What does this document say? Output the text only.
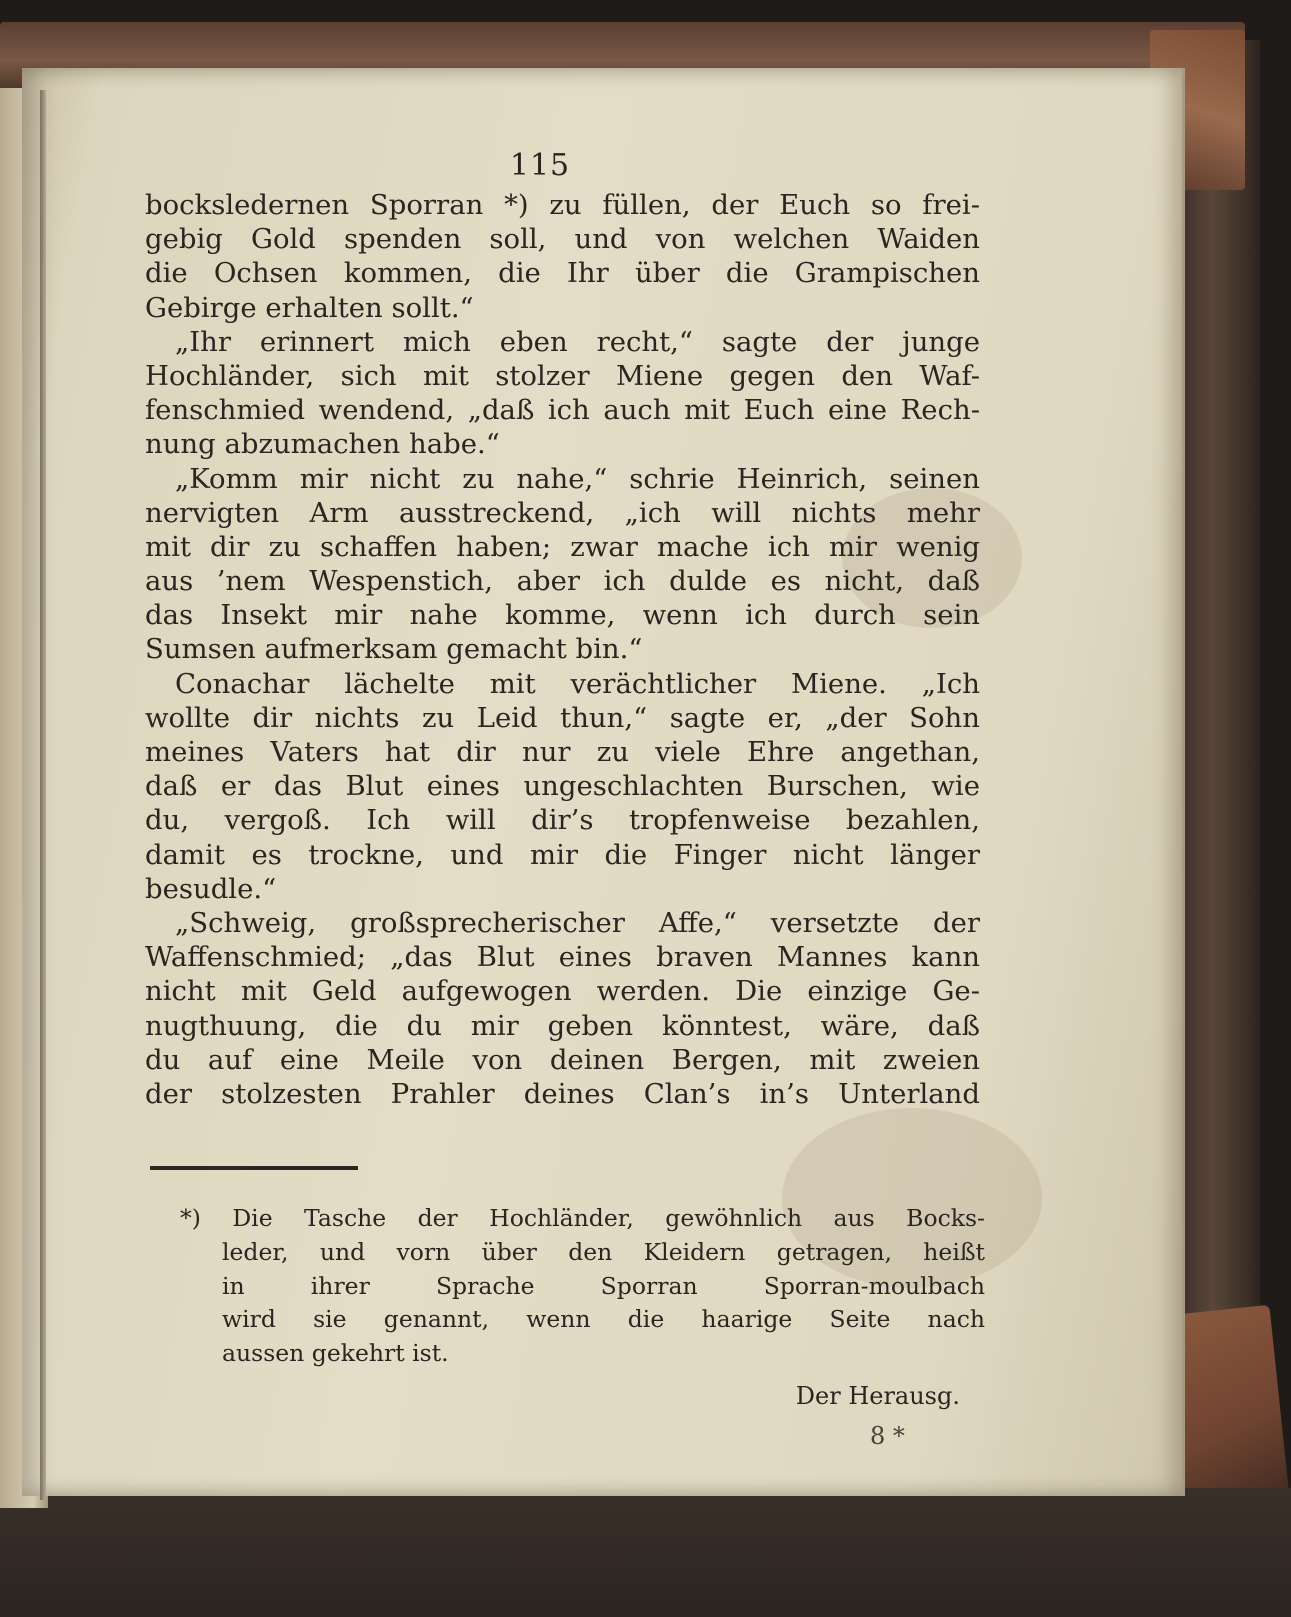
115
bocksledernen Sporran *) zu füllen, der Euch so frei-
gebig Gold spenden soll, und von welchen Waiden
die Ochsen kommen, die Ihr über die Grampischen
Gebirge erhalten sollt.“
„Ihr erinnert mich eben recht,“ sagte der junge
Hochländer, sich mit stolzer Miene gegen den Waf-
fenschmied wendend, „daß ich auch mit Euch eine Rech-
nung abzumachen habe.“
„Komm mir nicht zu nahe,“ schrie Heinrich, seinen
nervigten Arm ausstreckend, „ich will nichts mehr
mit dir zu schaffen haben; zwar mache ich mir wenig
aus ’nem Wespenstich, aber ich dulde es nicht, daß
das Insekt mir nahe komme, wenn ich durch sein
Sumsen aufmerksam gemacht bin.“
Conachar lächelte mit verächtlicher Miene. „Ich
wollte dir nichts zu Leid thun,“ sagte er, „der Sohn
meines Vaters hat dir nur zu viele Ehre angethan,
daß er das Blut eines ungeschlachten Burschen, wie
du, vergoß. Ich will dir’s tropfenweise bezahlen,
damit es trockne, und mir die Finger nicht länger
besudle.“
„Schweig, großsprecherischer Affe,“ versetzte der
Waffenschmied; „das Blut eines braven Mannes kann
nicht mit Geld aufgewogen werden. Die einzige Ge-
nugthuung, die du mir geben könntest, wäre, daß
du auf eine Meile von deinen Bergen, mit zweien
der stolzesten Prahler deines Clan’s in’s Unterland
*) Die Tasche der Hochländer, gewöhnlich aus Bocks-
leder, und vorn über den Kleidern getragen, heißt
in ihrer Sprache Sporran Sporran-moulbach
wird sie genannt, wenn die haarige Seite nach
aussen gekehrt ist.
Der Herausg.
8 *
